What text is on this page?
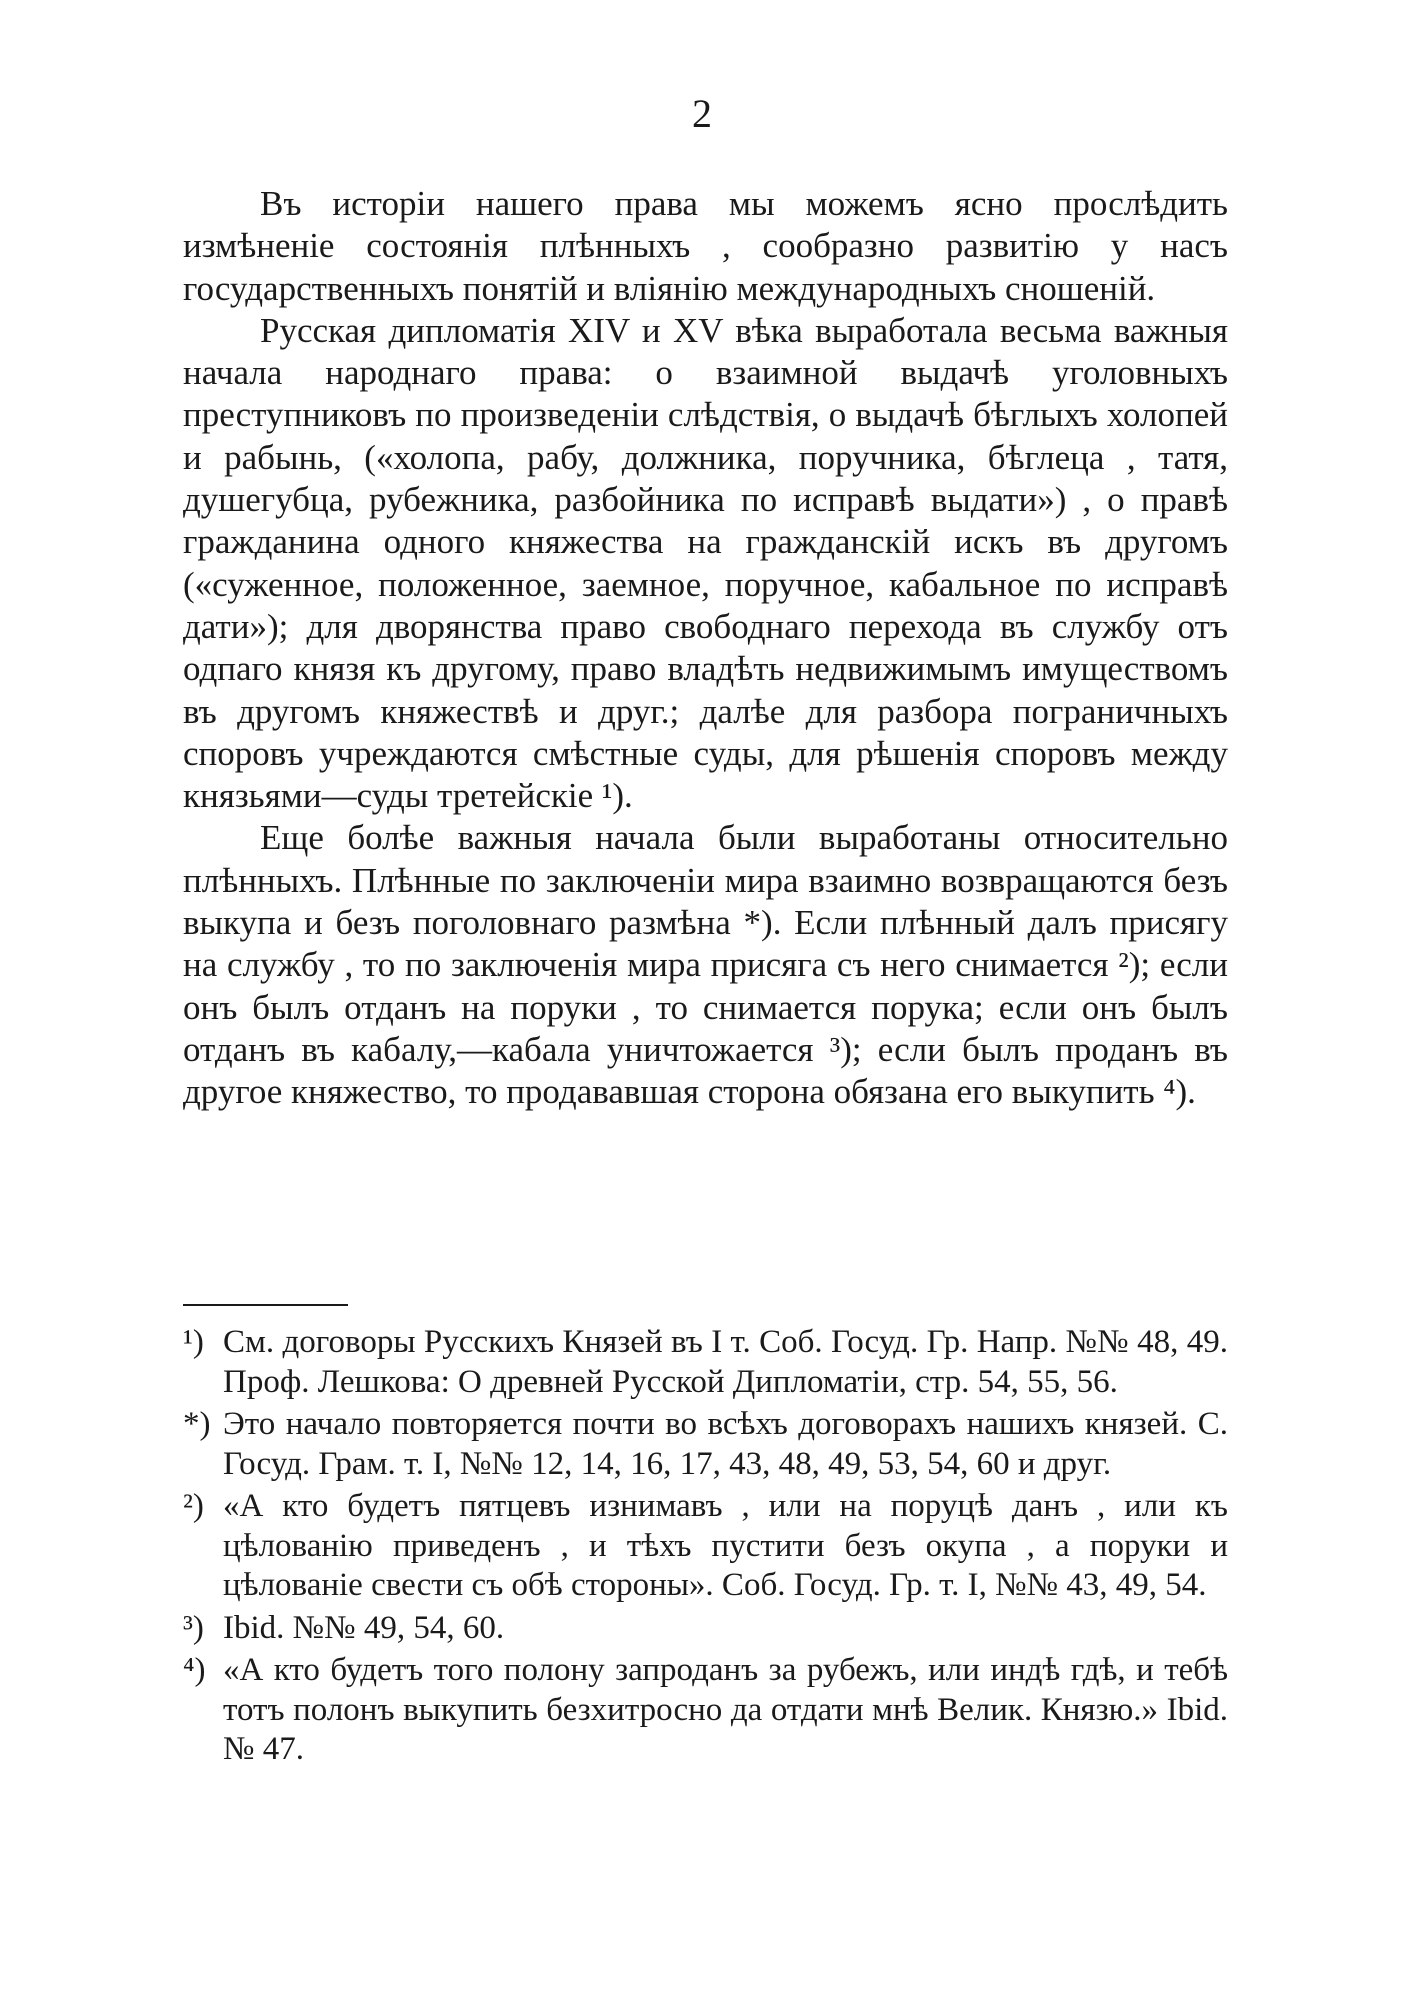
2

Въ исторіи нашего права мы можемъ ясно прослѣдить измѣненіе состоянія плѣнныхъ , сообразно развитію у насъ государственныхъ понятій и вліянію международныхъ сношеній.

Русская дипломатія XIV и XV вѣка выработала весьма важныя начала народнаго права: о взаимной выдачѣ уголовныхъ преступниковъ по произведеніи слѣдствія, о выдачѣ бѣглыхъ холопей и рабынь, («холопа, рабу, должника, поручника, бѣглеца , татя, душегубца, рубежника, разбойника по исправѣ выдати») , о правѣ гражданина одного княжества на гражданскій искъ въ другомъ («суженное, положенное, заемное, поручное, кабальное по исправѣ дати»); для дворянства право свободнаго перехода въ службу отъ одпаго князя къ другому, право владѣть недвижимымъ имуществомъ въ другомъ княжествѣ и друг.; далѣе для разбора пограничныхъ споровъ учреждаются смѣстные суды, для рѣшенія споровъ между князьями—суды третейскіе ¹).

Еще болѣе важныя начала были выработаны относительно плѣнныхъ. Плѣнные по заключеніи мира взаимно возвращаются безъ выкупа и безъ поголовнаго размѣна *). Если плѣнный далъ присягу на службу , то по заключенія мира присяга съ него снимается ²); если онъ былъ отданъ на поруки , то снимается порука; если онъ былъ отданъ въ кабалу,—кабала уничтожается ³); если былъ проданъ въ другое княжество, то продававшая сторона обязана его выкупить ⁴).

¹) См. договоры Русскихъ Князей въ I т. Соб. Госуд. Гр. Напр. №№ 48, 49. Проф. Лешкова: О древней Русской Дипломатіи, стр. 54, 55, 56.
*) Это начало повторяется почти во всѣхъ договорахъ нашихъ князей. С. Госуд. Грам. т. I, №№ 12, 14, 16, 17, 43, 48, 49, 53, 54, 60 и друг.
²) «А кто будетъ пятцевъ изнимавъ , или на поруцѣ данъ , или къ цѣлованію приведенъ , и тѣхъ пустити безъ окупа , а поруки и цѣлованіе свести съ обѣ стороны». Соб. Госуд. Гр. т. I, №№ 43, 49, 54.
³) Ibid. №№ 49, 54, 60.
⁴) «А кто будетъ того полону запроданъ за рубежъ, или индѣ гдѣ, и тебѣ тотъ полонъ выкупить безхитросно да отдати мнѣ Велик. Князю.» Ibid. № 47.
